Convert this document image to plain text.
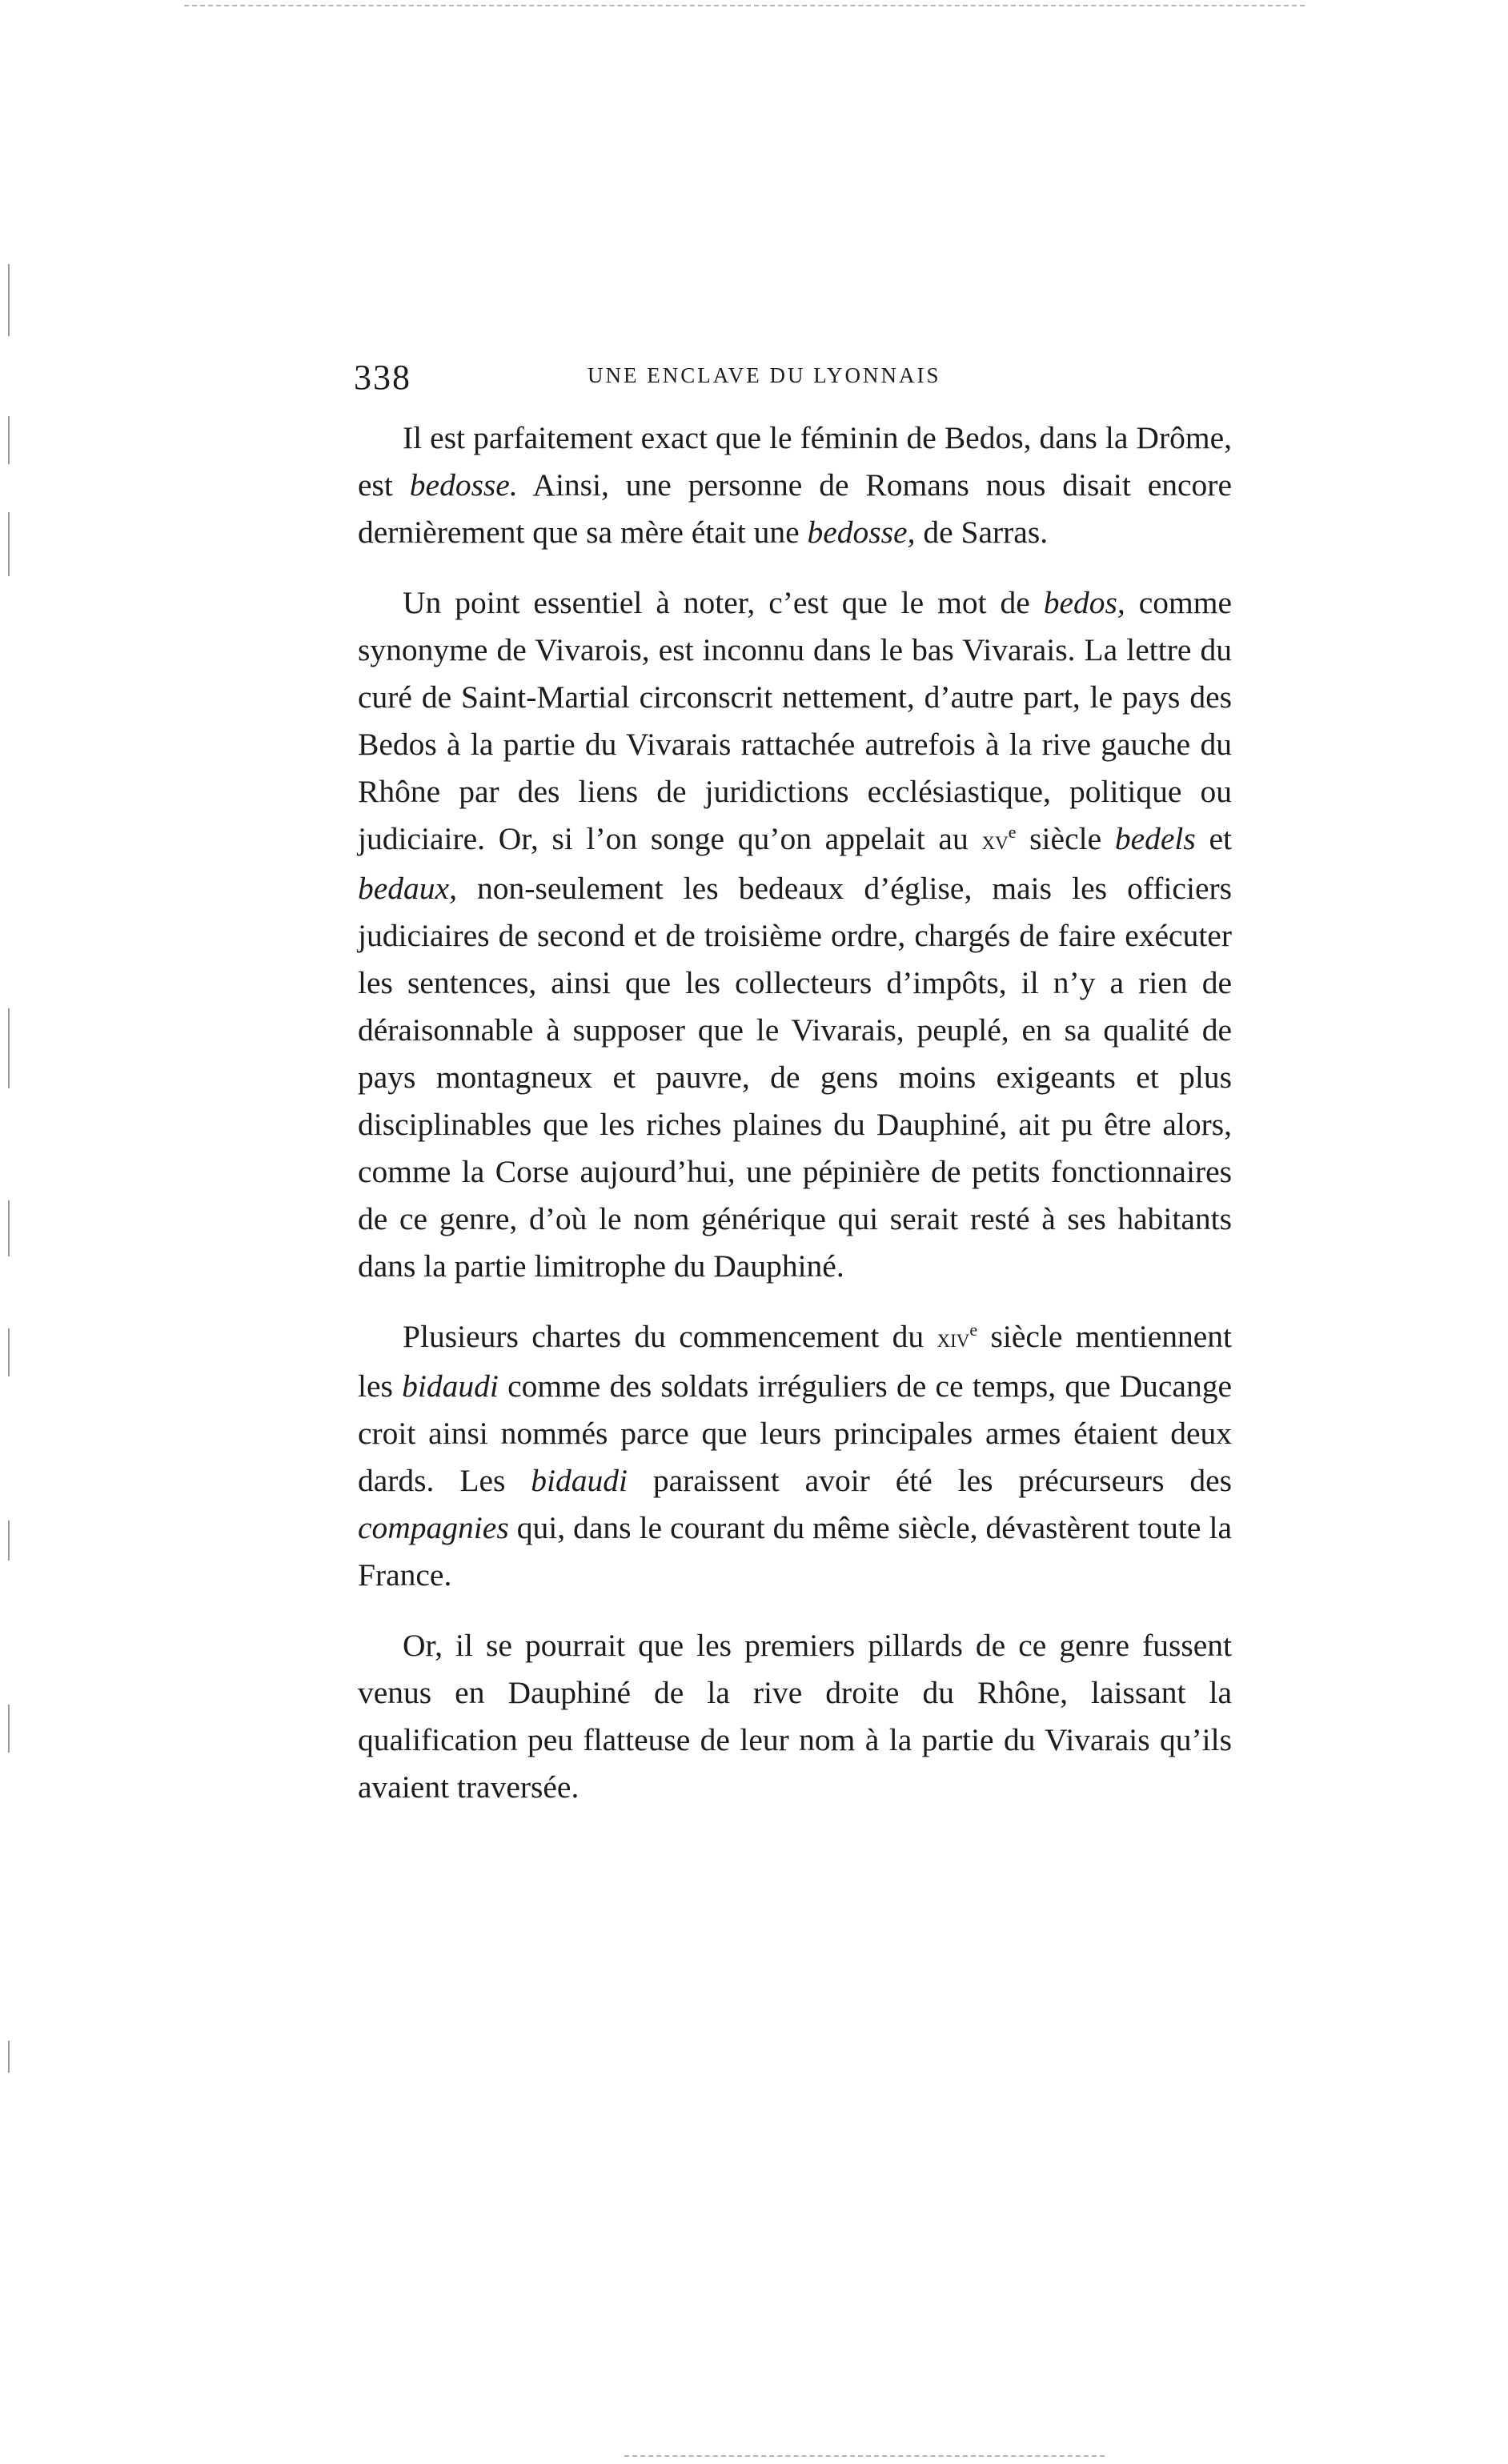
338	UNE ENCLAVE DU LYONNAIS

Il est parfaitement exact que le féminin de Bedos, dans la Drôme, est bedosse. Ainsi, une personne de Romans nous disait encore dernièrement que sa mère était une bedosse, de Sarras.

Un point essentiel à noter, c’est que le mot de bedos, comme synonyme de Vivarois, est inconnu dans le bas Vivarais. La lettre du curé de Saint-Martial circonscrit nettement, d’autre part, le pays des Bedos à la partie du Vivarais rattachée autrefois à la rive gauche du Rhône par des liens de juridictions ecclésiastique, politique ou judiciaire. Or, si l’on songe qu’on appelait au $xv^e$ siècle bedels et bedaux, non-seulement les bedeaux d’église, mais les officiers judiciaires de second et de troisième ordre, chargés de faire exécuter les sentences, ainsi que les collecteurs d’impôts, il n’y a rien de déraisonnable à supposer que le Vivarais, peuplé, en sa qualité de pays montagneux et pauvre, de gens moins exigeants et plus disciplinables que les riches plaines du Dauphiné, ait pu être alors, comme la Corse aujourd’hui, une pépinière de petits fonctionnaires de ce genre, d’où le nom générique qui serait resté à ses habitants dans la partie limitrophe du Dauphiné.

Plusieurs chartes du commencement du xiv$^e$ siècle mentiennent les bidaudi comme des soldats irréguliers de ce temps, que Ducange croit ainsi nommés parce que leurs principales armes étaient deux dards. Les bidaudi paraissent avoir été les précurseurs des compagnies qui, dans le courant du même siècle, dévastèrent toute la France.

Or, il se pourrait que les premiers pillards de ce genre fussent venus en Dauphiné de la rive droite du Rhône, laissant la qualification peu flatteuse de leur nom à la partie du Vivarais qu’ils avaient traversée.
